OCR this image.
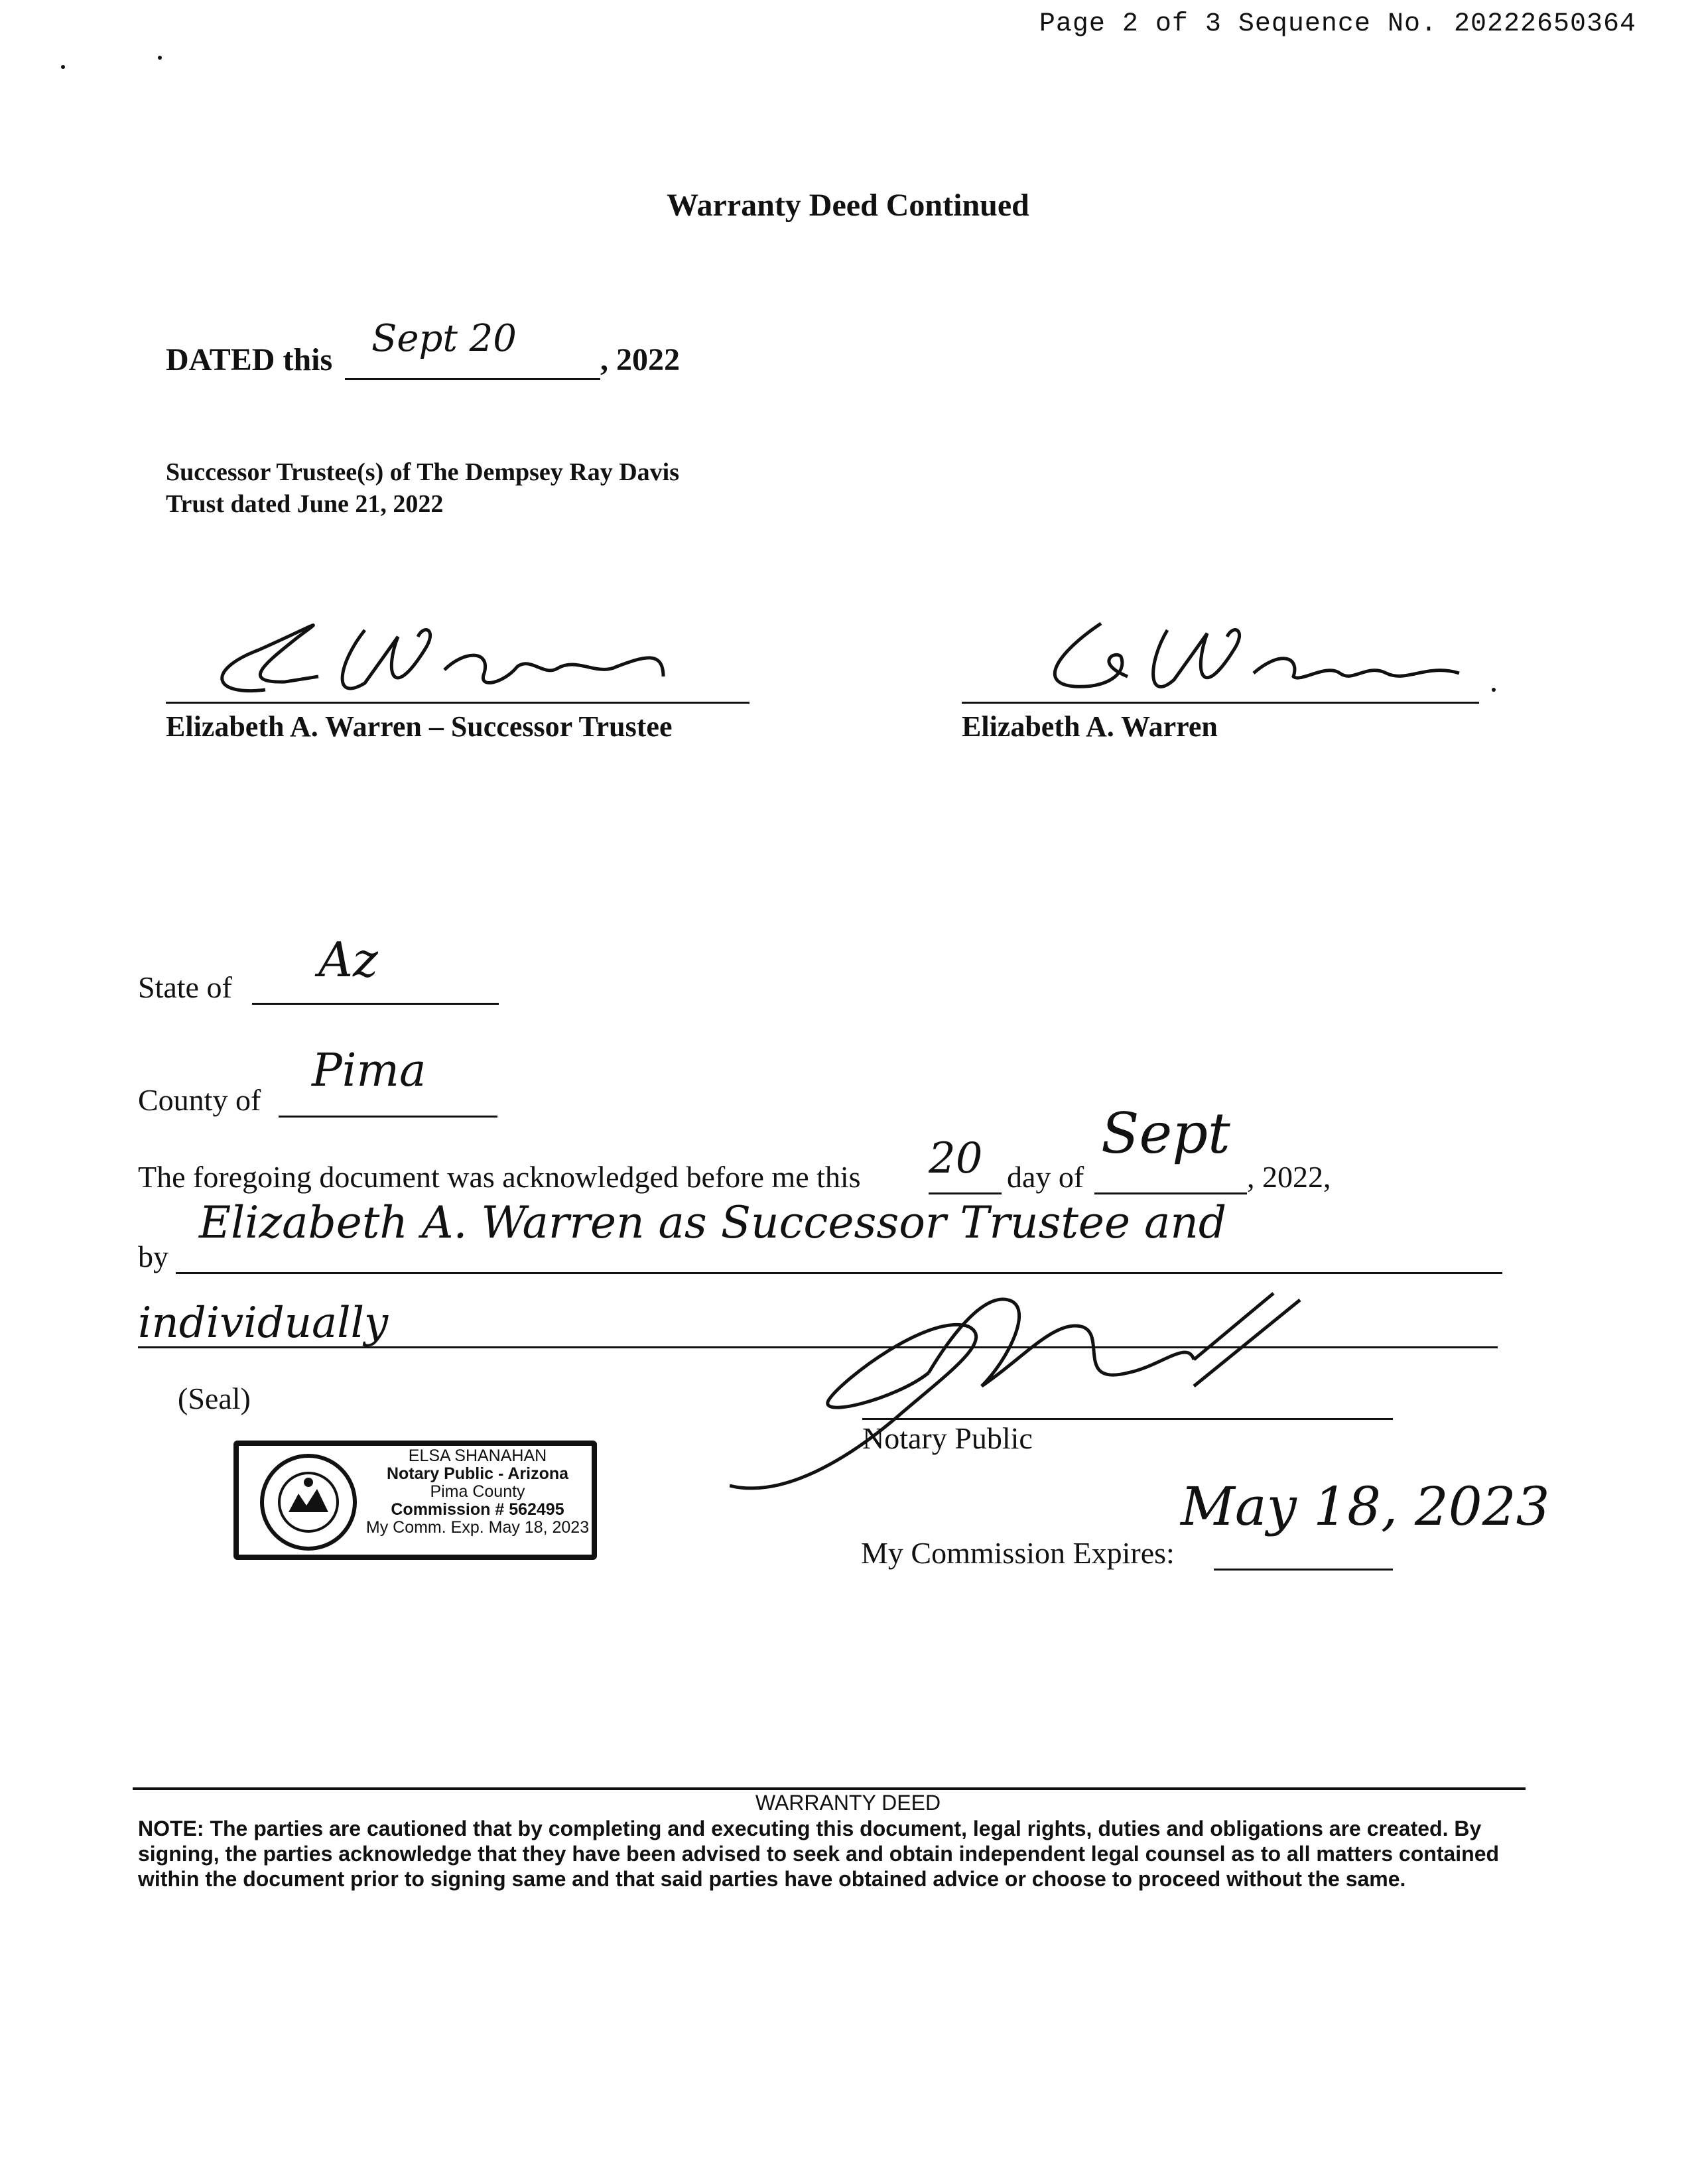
Page 2 of 3 Sequence No. 20222650364
Warranty Deed Continued
DATED this Sept 20	, 2022
Successor Trustee(s) of The Dempsey Ray Davis
Trust dated June 21, 2022
Elizabeth A. Warren – Successor Trustee	Elizabeth A. Warren
State of Az
County of
Pima
The foregoing document was acknowledged before me this 20 day of
Sept
, 2022,
by
Elizabeth A. Warren as Successor Trustee and
individually
(Seal)
Notary Public
ELSA SHANAHAN
Notary Public - Arizona
Pima County
Commission # 562495
My Comm. Exp. May 18, 2023
My Commission Expires:
May 18, 2023
WARRANTY DEED
NOTE: The parties are cautioned that by completing and executing this document, legal rights, duties and obligations are created. By signing, the parties acknowledge that they have been advised to seek and obtain independent legal counsel as to all matters contained within the document prior to signing same and that said parties have obtained advice or choose to proceed without the same.
